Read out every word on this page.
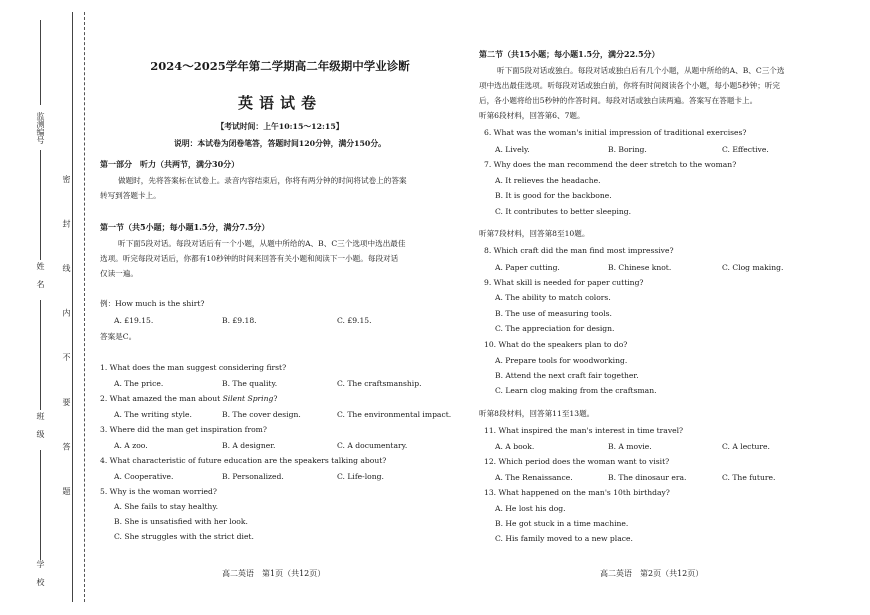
监测编号
姓名
班级
学校
密 封 线 内 不 要 答 题
2024～2025学年第二学期高二年级期中学业诊断
英语试卷
【考试时间：上午10:15～12:15】
说明：本试卷为闭卷笔答，答题时间120分钟，满分150分。
第一部分　听力（共两节，满分30分）
做题时，先将答案标在试卷上。录音内容结束后，你将有两分钟的时间将试卷上的答案
转写到答题卡上。
第一节（共5小题；每小题1.5分，满分7.5分）
听下面5段对话。每段对话后有一个小题，从题中所给的A、B、C三个选项中选出最佳
选项。听完每段对话后，你都有10秒钟的时间来回答有关小题和阅读下一小题。每段对话
仅读一遍。
例：How much is the shirt?
A. £19.15.	B. £9.18.	C. £9.15.
答案是C。
1. What does the man suggest considering first?
A. The price.	B. The quality.	C. The craftsmanship.
2. What amazed the man about Silent Spring?
A. The writing style.	B. The cover design.	C. The environmental impact.
3. Where did the man get inspiration from?
A. A zoo.	B. A designer.	C. A documentary.
4. What characteristic of future education are the speakers talking about?
A. Cooperative.	B. Personalized.	C. Life-long.
5. Why is the woman worried?
A. She fails to stay healthy.
B. She is unsatisfied with her look.
C. She struggles with the strict diet.
高二英语　第1页（共12页）
第二节（共15小题；每小题1.5分，满分22.5分）
听下面5段对话或独白。每段对话或独白后有几个小题，从题中所给的A、B、C三个选
项中选出最佳选项。听每段对话或独白前，你将有时间阅读各个小题，每小题5秒钟；听完
后，各小题将给出5秒钟的作答时间。每段对话或独白读两遍。答案写在答题卡上。
听第6段材料，回答第6、7题。
6. What was the woman's initial impression of traditional exercises?
A. Lively.	B. Boring.	C. Effective.
7. Why does the man recommend the deer stretch to the woman?
A. It relieves the headache.
B. It is good for the backbone.
C. It contributes to better sleeping.
听第7段材料，回答第8至10题。
8. Which craft did the man find most impressive?
A. Paper cutting.	B. Chinese knot.	C. Clog making.
9. What skill is needed for paper cutting?
A. The ability to match colors.
B. The use of measuring tools.
C. The appreciation for design.
10. What do the speakers plan to do?
A. Prepare tools for woodworking.
B. Attend the next craft fair together.
C. Learn clog making from the craftsman.
听第8段材料，回答第11至13题。
11. What inspired the man's interest in time travel?
A. A book.	B. A movie.	C. A lecture.
12. Which period does the woman want to visit?
A. The Renaissance.	B. The dinosaur era.	C. The future.
13. What happened on the man's 10th birthday?
A. He lost his dog.
B. He got stuck in a time machine.
C. His family moved to a new place.
高二英语　第2页（共12页）
